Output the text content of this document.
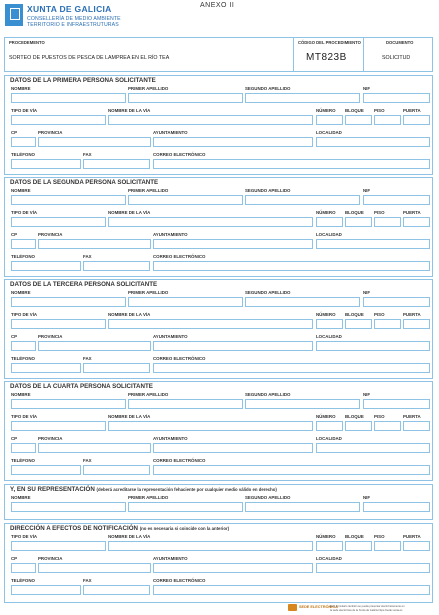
XUNTA DE GALICIA
CONSELLERÍA DE MEDIO AMBIENTE
TERRITORIO E INFRAESTRUTURAS
ANEXO II
PROCEDEMENTO
SORTEO DE PUESTOS DE PESCA DE LAMPREA EN EL RÍO TEA
CÓDIGO DEL PROCEDIMIENTO
MT823B
DOCUMENTO
SOLICITUD
DATOS DE LA PRIMERA PERSONA SOLICITANTE
NOMBRE	PRIMER APELLIDO	SEGUNDO APELLIDO	NIF
TIPO DE VÍA	NOMBRE DE LA VÍA	NÚMERO BLOQUE PISO	PUERTA
CP	PROVINCIA	AYUNTAMIENTO	LOCALIDAD
TELÉFONO	FAX	CORREO ELECTRÓNICO
DATOS DE LA SEGUNDA PERSONA SOLICITANTE
NOMBRE	PRIMER APELLIDO	SEGUNDO APELLIDO	NIF
TIPO DE VÍA	NOMBRE DE LA VÍA	NÚMERO BLOQUE PISO	PUERTA
CP	PROVINCIA	AYUNTAMIENTO	LOCALIDAD
TELÉFONO	FAX	CORREO ELECTRÓNICO
DATOS DE LA TERCERA PERSONA SOLICITANTE
NOMBRE	PRIMER APELLIDO	SEGUNDO APELLIDO	NIF
TIPO DE VÍA	NOMBRE DE LA VÍA	NÚMERO BLOQUE PISO	PUERTA
CP	PROVINCIA	AYUNTAMIENTO	LOCALIDAD
TELÉFONO	FAX	CORREO ELECTRÓNICO
DATOS DE LA CUARTA PERSONA SOLICITANTE
NOMBRE	PRIMER APELLIDO	SEGUNDO APELLIDO	NIF
TIPO DE VÍA	NOMBRE DE LA VÍA	NÚMERO BLOQUE PISO	PUERTA
CP	PROVINCIA	AYUNTAMIENTO	LOCALIDAD
TELÉFONO	FAX	CORREO ELECTRÓNICO
Y, EN SU REPRESENTACIÓN (deberá acreditarse la representación fehaciente por cualquier medio válido en derecho)
NOMBRE	PRIMER APELLIDO	SEGUNDO APELLIDO	NIF
DIRECCIÓN A EFECTOS DE NOTIFICACIÓN (no es necesaria si coincide con la anterior)
TIPO DE VÍA	NOMBRE DE LA VÍA	NÚMERO BLOQUE PISO	PUERTA
CP	PROVINCIA	AYUNTAMIENTO	LOCALIDAD
TELÉFONO	FAX	CORREO ELECTRÓNICO
SEDE ELECTRÓNICA
Este formulario también se puede presentar electrónicamente en
la sede electrónica de la Xunta de Galicia https://sede.xunta.es
